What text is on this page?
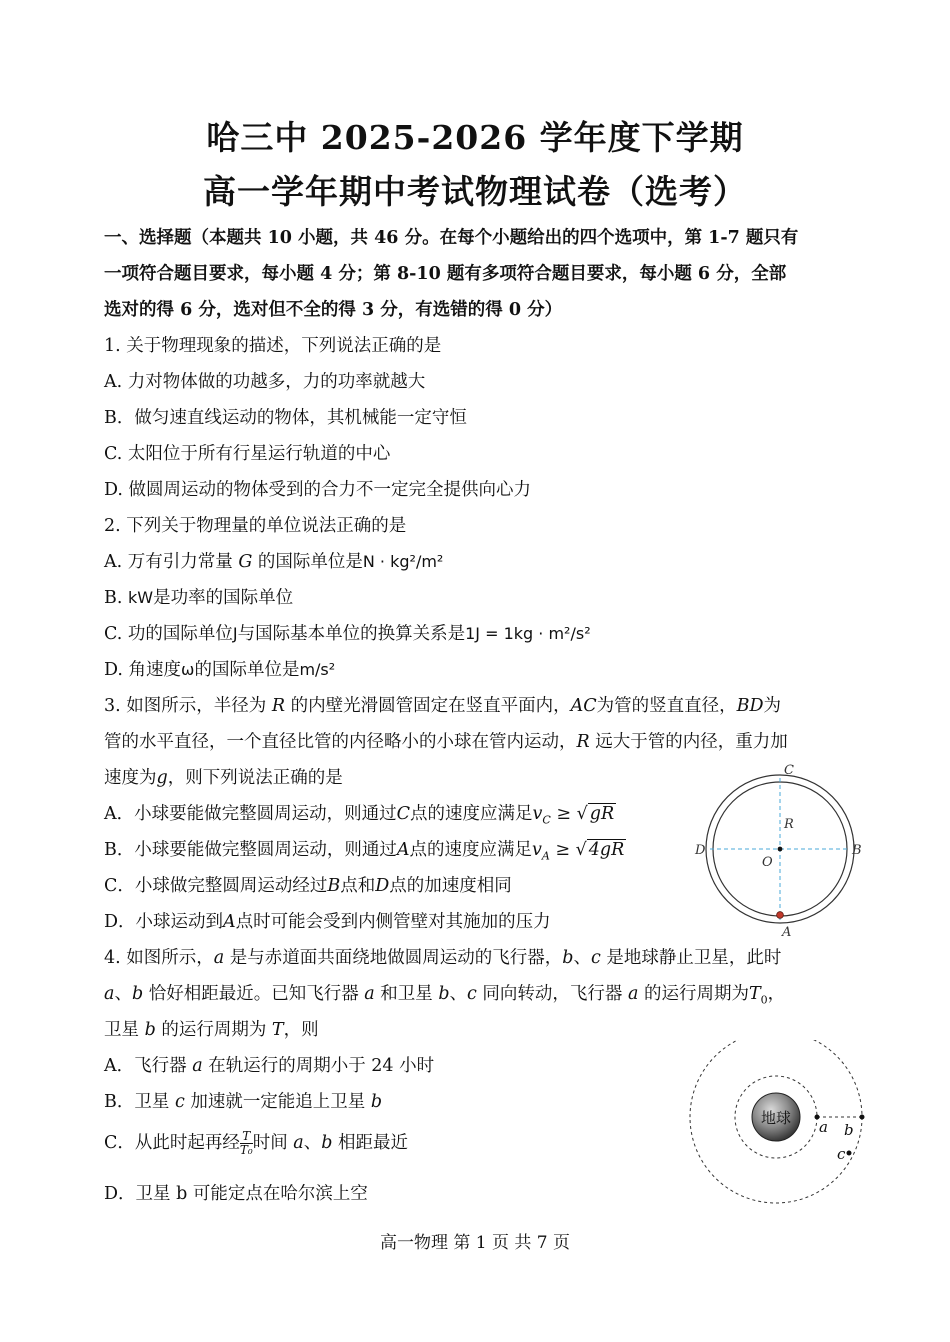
哈三中 2025-2026 学年度下学期
高一学年期中考试物理试卷（选考）
一、选择题（本题共 10 小题，共 46 分。在每个小题给出的四个选项中，第 1-7 题只有
一项符合题目要求，每小题 4 分；第 8-10 题有多项符合题目要求，每小题 6 分，全部
选对的得 6 分，选对但不全的得 3 分，有选错的得 0 分）
1. 关于物理现象的描述，下列说法正确的是
A. 力对物体做的功越多，力的功率就越大
B．做匀速直线运动的物体，其机械能一定守恒
C. 太阳位于所有行星运行轨道的中心
D. 做圆周运动的物体受到的合力不一定完全提供向心力
2. 下列关于物理量的单位说法正确的是
A. 万有引力常量 G 的国际单位是N · kg²/m²
B. kW是功率的国际单位
C. 功的国际单位J与国际基本单位的换算关系是1J = 1kg · m²/s²
D. 角速度ω的国际单位是m/s²
3. 如图所示，半径为 R 的内壁光滑圆管固定在竖直平面内，AC为管的竖直直径，BD为
管的水平直径，一个直径比管的内径略小的小球在管内运动，R 远大于管的内径，重力加
速度为g，则下列说法正确的是
A．小球要能做完整圆周运动，则通过C点的速度应满足$v_C$ ≥ √ gR
B．小球要能做完整圆周运动，则通过A点的速度应满足$v_A$ ≥ √ 4gR
C．小球做完整圆周运动经过B点和D点的加速度相同
D．小球运动到A点时可能会受到内侧管壁对其施加的压力
R
O
C
D	B
A
4. 如图所示，a 是与赤道面共面绕地做圆周运动的飞行器，b、c 是地球静止卫星，此时
a、b 恰好相距最近。已知飞行器 a 和卫星 b、c 同向转动，飞行器 a 的运行周期为$T_0$，
卫星 b 的运行周期为 T，则
A．飞行器 a 在轨运行的周期小于 24 小时
B．卫星 c 加速就一定能追上卫星 b
C．从此时起再经 $\frac{T}{\text{T₀}}$ 时间 a、b 相距最近
D．卫星 b 可能定点在哈尔滨上空
地球 a b
c
高一物理 第 1 页 共 7 页
